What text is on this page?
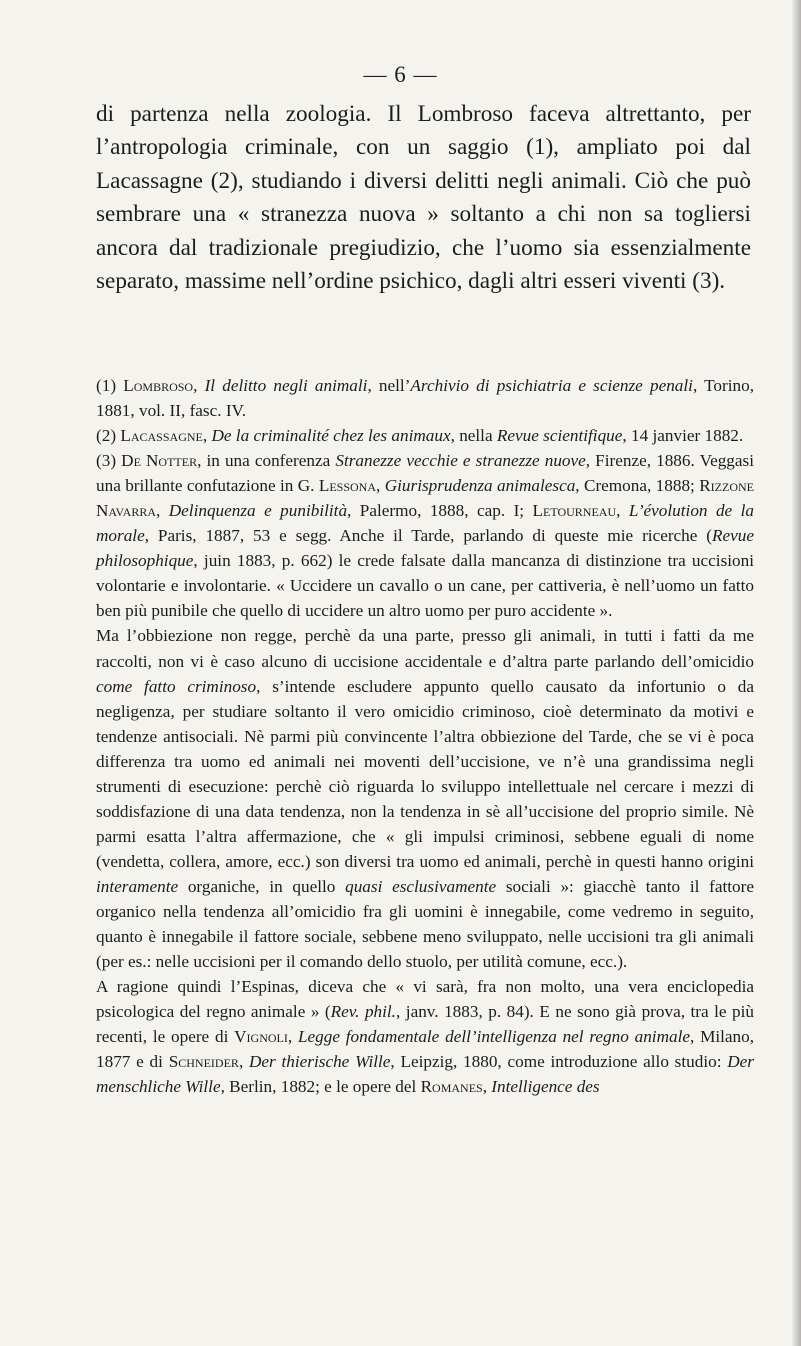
— 6 —

di partenza nella zoologia. Il Lombroso faceva altrettanto, per l’antropologia criminale, con un saggio (1), ampliato poi dal Lacassagne (2), studiando i diversi delitti negli animali. Ciò che può sembrare una « stranezza nuova » soltanto a chi non sa togliersi ancora dal tradizionale pregiudizio, che l’uomo sia essenzialmente separato, massime nell’ordine psichico, dagli altri esseri viventi (3).

(1) Lombroso, Il delitto negli animali, nell’Archivio di psichiatria e scienze penali, Torino, 1881, vol. II, fasc. IV.

(2) Lacassagne, De la criminalité chez les animaux, nella Revue scientifique, 14 janvier 1882.

(3) De Notter, in una conferenza Stranezze vecchie e stranezze nuove, Firenze, 1886. Veggasi una brillante confutazione in G. Lessona, Giurisprudenza animalesca, Cremona, 1888; Rizzone Navarra, Delinquenza e punibilità, Palermo, 1888, cap. I; Letourneau, L’évolution de la morale, Paris, 1887, 53 e segg. Anche il Tarde, parlando di queste mie ricerche (Revue philosophique, juin 1883, p. 662) le crede falsate dalla mancanza di distinzione tra uccisioni volontarie e involontarie. « Uccidere un cavallo o un cane, per cattiveria, è nell’uomo un fatto ben più punibile che quello di uccidere un altro uomo per puro accidente ».

Ma l’obbiezione non regge, perchè da una parte, presso gli animali, in tutti i fatti da me raccolti, non vi è caso alcuno di uccisione accidentale e d’altra parte parlando dell’omicidio come fatto criminoso, s’intende escludere appunto quello causato da infortunio o da negligenza, per studiare soltanto il vero omicidio criminoso, cioè determinato da motivi e tendenze antisociali. Nè parmi più convincente l’altra obbiezione del Tarde, che se vi è poca differenza tra uomo ed animali nei moventi dell’uccisione, ve n’è una grandissima negli strumenti di esecuzione: perchè ciò riguarda lo sviluppo intellettuale nel cercare i mezzi di soddisfazione di una data tendenza, non la tendenza in sè all’uccisione del proprio simile. Nè parmi esatta l’altra affermazione, che « gli impulsi criminosi, sebbene eguali di nome (vendetta, collera, amore, ecc.) son diversi tra uomo ed animali, perchè in questi hanno origini interamente organiche, in quello quasi esclusivamente sociali »: giacchè tanto il fattore organico nella tendenza all’omicidio fra gli uomini è innegabile, come vedremo in seguito, quanto è innegabile il fattore sociale, sebbene meno sviluppato, nelle uccisioni tra gli animali (per es.: nelle uccisioni per il comando dello stuolo, per utilità comune, ecc.).

A ragione quindi l’Espinas, diceva che « vi sarà, fra non molto, una vera enciclopedia psicologica del regno animale » (Rev. phil., janv. 1883, p. 84). E ne sono già prova, tra le più recenti, le opere di Vignoli, Legge fondamentale dell’intelligenza nel regno animale, Milano, 1877 e di Schneider, Der thierische Wille, Leipzig, 1880, come introduzione allo studio: Der menschliche Wille, Berlin, 1882; e le opere del Romanes, Intelligence des
